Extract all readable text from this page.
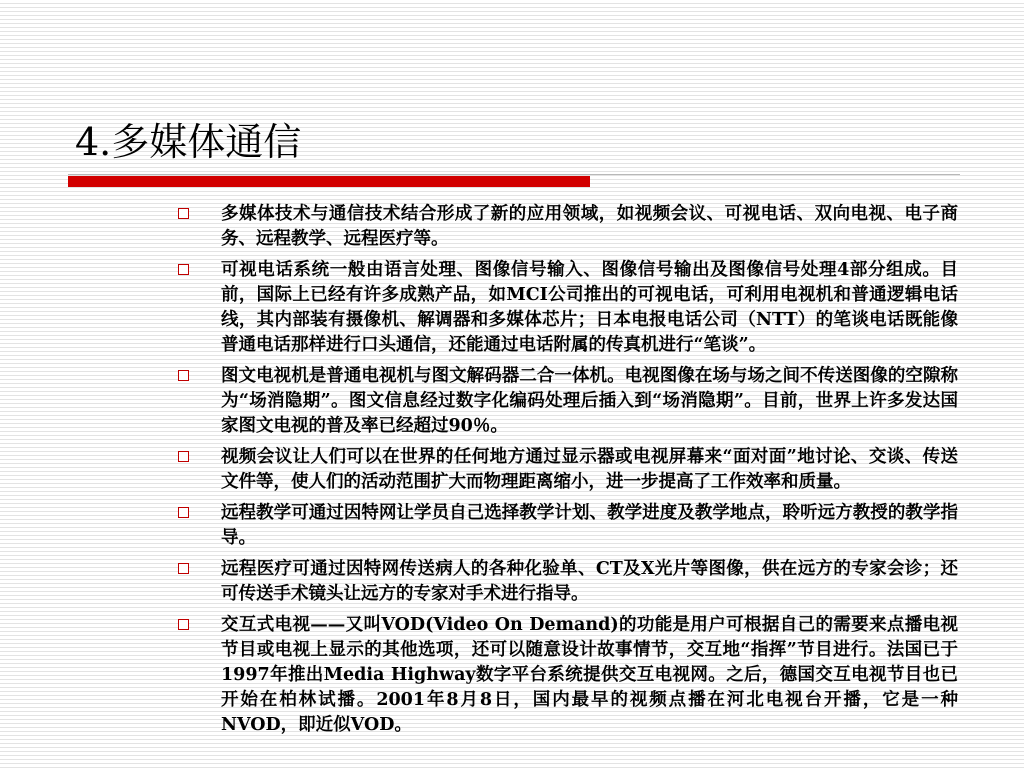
4.多媒体通信
多媒体技术与通信技术结合形成了新的应用领域，如视频会议、可视电话、双向电视、电子商务、远程教学、远程医疗等。
可视电话系统一般由语言处理、图像信号输入、图像信号输出及图像信号处理4部分组成。目前，国际上已经有许多成熟产品，如MCI公司推出的可视电话，可利用电视机和普通逻辑电话线，其内部装有摄像机、解调器和多媒体芯片；日本电报电话公司（NTT）的笔谈电话既能像普通电话那样进行口头通信，还能通过电话附属的传真机进行“笔谈”。
图文电视机是普通电视机与图文解码器二合一体机。电视图像在场与场之间不传送图像的空隙称为“场消隐期”。图文信息经过数字化编码处理后插入到“场消隐期”。目前，世界上许多发达国家图文电视的普及率已经超过90％。
视频会议让人们可以在世界的任何地方通过显示器或电视屏幕来“面对面”地讨论、交谈、传送文件等，使人们的活动范围扩大而物理距离缩小，进一步提高了工作效率和质量。
远程教学可通过因特网让学员自己选择教学计划、教学进度及教学地点，聆听远方教授的教学指导。
远程医疗可通过因特网传送病人的各种化验单、CT及X光片等图像，供在远方的专家会诊；还可传送手术镜头让远方的专家对手术进行指导。
交互式电视——又叫VOD(Video On Demand)的功能是用户可根据自己的需要来点播电视节目或电视上显示的其他选项，还可以随意设计故事情节，交互地“指挥”节目进行。法国已于1997年推出Media Highway数字平台系统提供交互电视网。之后，德国交互电视节目也已开始在柏林试播。2001年8月8日，国内最早的视频点播在河北电视台开播，它是一种NVOD，即近似VOD。
